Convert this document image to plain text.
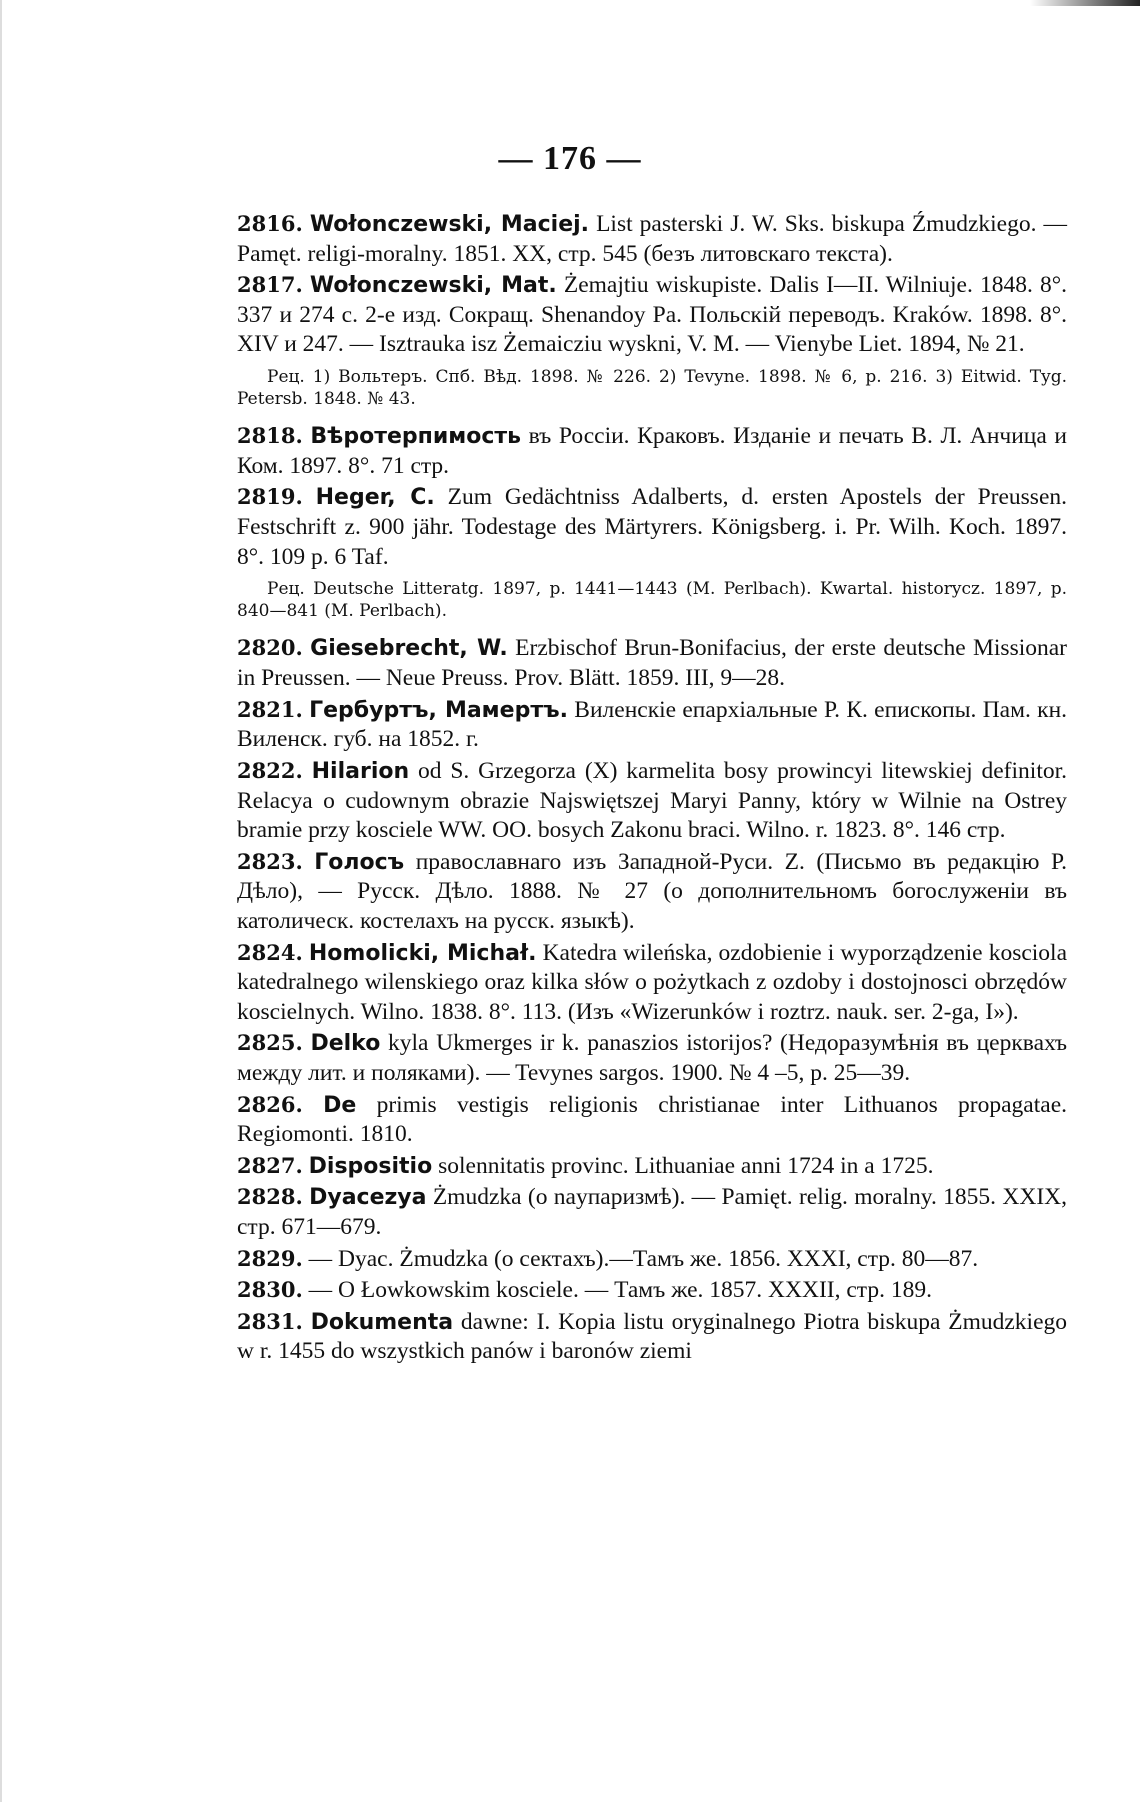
— 176 —

2816. Wołonczewski, Maciej. List pasterski J. W. Sks. biskupa Źmudzkiego. — Pamęt. religi-moralny. 1851. XX, стр. 545 (безъ литовскаго текста).

2817. Wołonczewski, Mat. Żemajtiu wiskupiste. Dalis I—II. Wilniuje. 1848. 8°. 337 и 274 с. 2-е изд. Сокращ. Shenandoy Pa. Польскій переводъ. Kraków. 1898. 8°. XIV и 247. — Isztrauka isz Żemaicziu wyskni, V. M. — Vienybe Liet. 1894, № 21.

Рец. 1) Вольтеръ. Спб. Вѣд. 1898. № 226. 2) Tevyne. 1898. № 6, p. 216. 3) Eitwid. Tyg. Petersb. 1848. № 43.

2818. Вѣротерпимость въ Россіи. Краковъ. Изданіе и печать В. Л. Анчица и Ком. 1897. 8°. 71 стр.

2819. Heger, C. Zum Gedächtniss Adalberts, d. ersten Apostels der Preussen. Festschrift z. 900 jähr. Todestage des Märtyrers. Königsberg. i. Pr. Wilh. Koch. 1897. 8°. 109 p. 6 Taf.

Рец. Deutsche Litteratg. 1897, p. 1441—1443 (M. Perlbach). Kwartal. historycz. 1897, p. 840—841 (M. Perlbach).

2820. Giesebrecht, W. Erzbischof Brun-Bonifacius, der erste deutsche Missionar in Preussen. — Neue Preuss. Prov. Blätt. 1859. III, 9—28.

2821. Гербуртъ, Мамертъ. Виленскіе епархіальные Р. К. епископы. Пам. кн. Виленск. губ. на 1852. г.

2822. Hilarion od S. Grzegorza (X) karmelita bosy prowincyi litewskiej definitor. Relacya o cudownym obrazie Najswiętszej Maryi Panny, który w Wilnie na Ostrey bramie przy kosciele WW. OO. bosych Zakonu braci. Wilno. r. 1823. 8°. 146 стр.

2823. Голосъ православнаго изъ Западной-Руси. Z. (Письмо въ редакцію Р. Дѣло), — Русск. Дѣло. 1888. № 27 (о дополнительномъ богослуженіи въ католическ. костелахъ на русск. языкѣ).

2824. Homolicki, Michał. Katedra wileńska, ozdobienie i wyporządzenie kosciola katedralnego wilenskiego oraz kilka słów o pożytkach z ozdoby i dostojnosci obrzędów koscielnych. Wilno. 1838. 8°. 113. (Изъ «Wizerunków i roztrz. nauk. ser. 2-ga, I»).

2825. Delko kyla Ukmerges ir k. panaszios istorijos? (Недоразумѣнія въ церквахъ между лит. и поляками). — Tevynes sargos. 1900. № 4 –5, p. 25—39.

2826. De primis vestigis religionis christianae inter Lithuanos propagatae. Regiomonti. 1810.

2827. Dispositio solennitatis provinc. Lithuaniae anni 1724 in a 1725.

2828. Dyacezya Żmudzka (o naупаризмѣ). — Pamięt. relig. moralny. 1855. XXIX, стр. 671—679.

2829. — Dyac. Żmudzka (o сектахъ).—Тамъ же. 1856. XXXI, стр. 80—87.

2830. — O Łowkowskim kosciele. — Тамъ же. 1857. XXXII, стр. 189.

2831. Dokumenta dawne: I. Kopia listu oryginalnego Piotra biskupa Żmudzkiego w r. 1455 do wszystkich panów i baronów ziemi
